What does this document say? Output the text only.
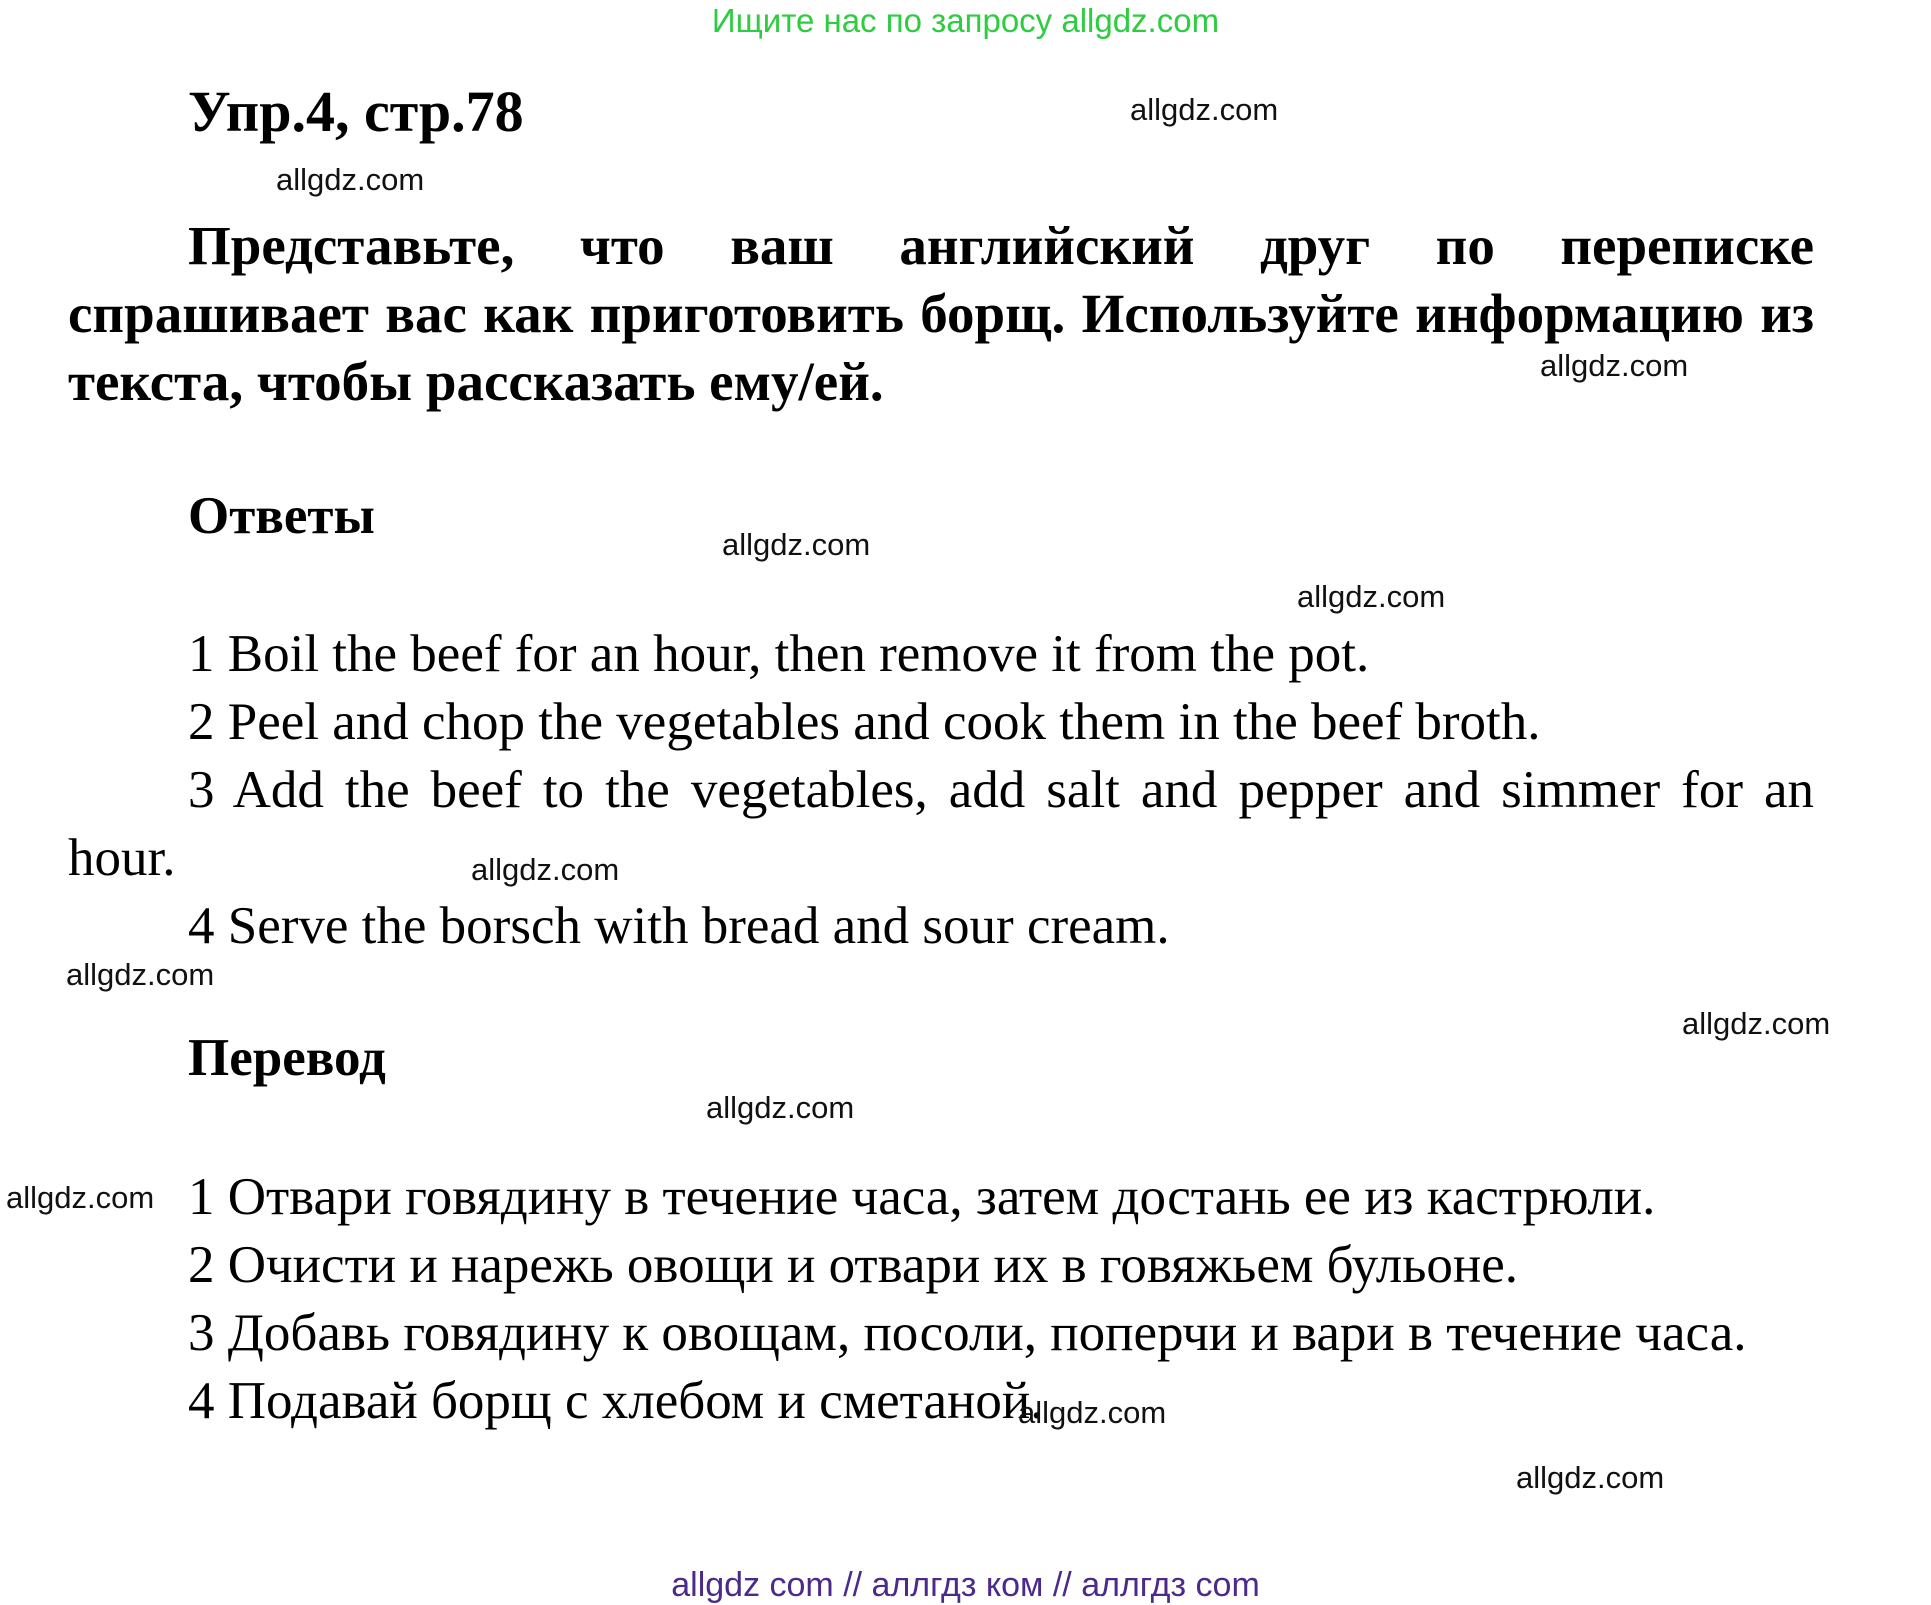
Ищите нас по запросу allgdz.com
Упр.4, стр.78

Представьте, что ваш английский друг по переписке спрашивает вас как приготовить борщ. Используйте информацию из текста, чтобы рассказать ему/ей.

Ответы
1 Boil the beef for an hour, then remove it from the pot.
2 Peel and chop the vegetables and cook them in the beef broth.
3 Add the beef to the vegetables, add salt and pepper and simmer for an hour.
4 Serve the borsch with bread and sour cream.
Перевод
1 Отвари говядину в течение часа, затем достань ее из кастрюли.
2 Очисти и нарежь овощи и отвари их в говяжьем бульоне.
3 Добавь говядину к овощам, посоли, поперчи и вари в течение часа.
4 Подавай борщ с хлебом и сметаной.
allgdz.com
allgdz.com
allgdz.com
allgdz.com
allgdz.com
allgdz.com
allgdz.com
allgdz.com
allgdz.com
allgdz.com
allgdz.com
allgdz.com
allgdz com // аллгдз ком // аллгдз com
